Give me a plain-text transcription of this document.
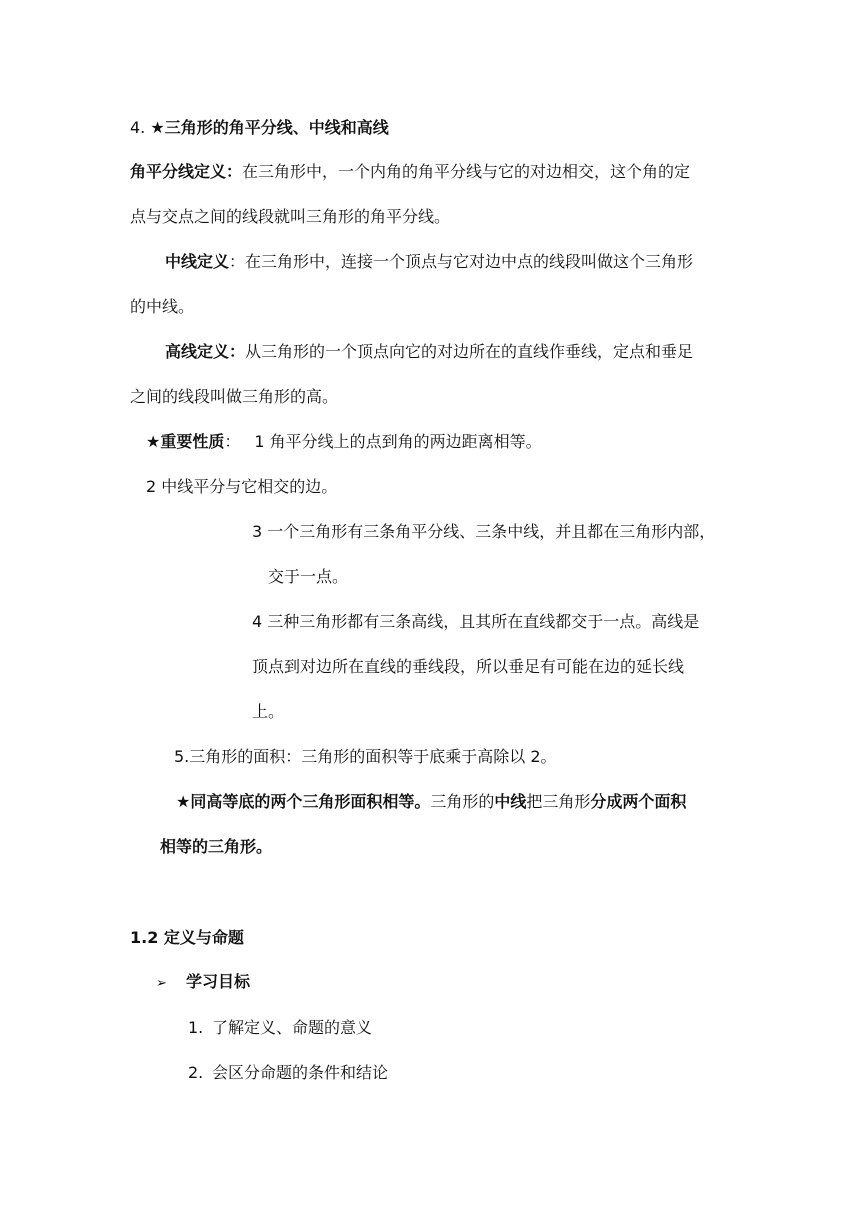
4. ★三角形的角平分线、中线和高线
角平分线定义：在三角形中，一个内角的角平分线与它的对边相交，这个角的定
点与交点之间的线段就叫三角形的角平分线。
中线定义：在三角形中，连接一个顶点与它对边中点的线段叫做这个三角形
的中线。
高线定义：从三角形的一个顶点向它的对边所在的直线作垂线，定点和垂足
之间的线段叫做三角形的高。
★重要性质： 1 角平分线上的点到角的两边距离相等。
2 中线平分与它相交的边。
3 一个三角形有三条角平分线、三条中线，并且都在三角形内部，
交于一点。
4 三种三角形都有三条高线，且其所在直线都交于一点。高线是
顶点到对边所在直线的垂线段，所以垂足有可能在边的延长线
上。
5.三角形的面积：三角形的面积等于底乘于高除以 2。
★同高等底的两个三角形面积相等。三角形的中线把三角形分成两个面积
相等的三角形。
1.2 定义与命题
➢ 学习目标
1. 了解定义、命题的意义
2. 会区分命题的条件和结论
